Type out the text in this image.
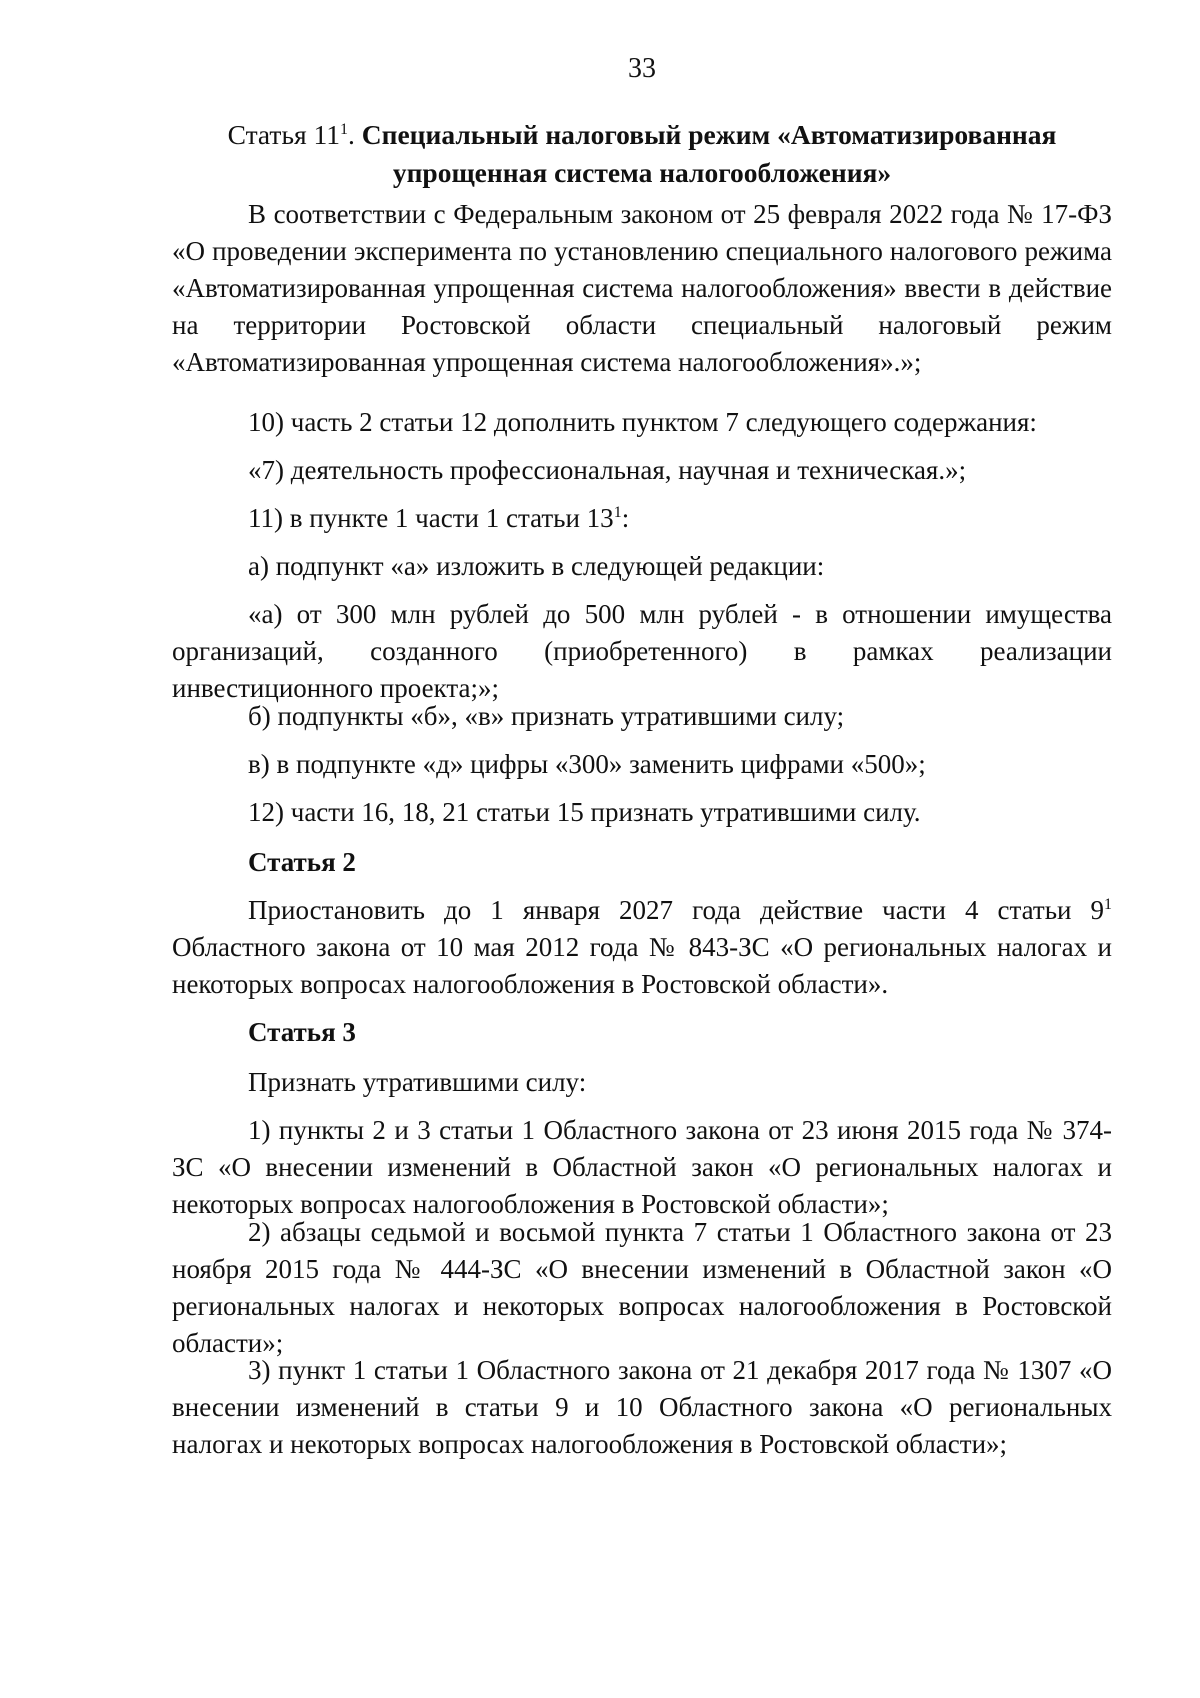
33
Статья $11^1$. Специальный налоговый режим «Автоматизированная
упрощенная система налогообложения»

В соответствии с Федеральным законом от 25 февраля 2022 года № 17-ФЗ «О проведении эксперимента по установлению специального налогового режима «Автоматизированная упрощенная система налогообложения» ввести в действие на территории Ростовской области специальный налоговый режим «Автоматизированная упрощенная система налогообложения».»;

10) часть 2 статьи 12 дополнить пунктом 7 следующего содержания:

«7) деятельность профессиональная, научная и техническая.»;

11) в пункте 1 части 1 статьи $13^1$:

а) подпункт «а» изложить в следующей редакции:

«а) от 300 млн рублей до 500 млн рублей - в отношении имущества организаций, созданного (приобретенного) в рамках реализации инвестиционного проекта;»;

б) подпункты «б», «в» признать утратившими силу;

в) в подпункте «д» цифры «300» заменить цифрами «500»;

12) части 16, 18, 21 статьи 15 признать утратившими силу.

Статья 2

Приостановить до 1 января 2027 года действие части 4 статьи $9^1$ Областного закона от 10 мая 2012 года № 843-ЗС «О региональных налогах и некоторых вопросах налогообложения в Ростовской области».

Статья 3

Признать утратившими силу:

1) пункты 2 и 3 статьи 1 Областного закона от 23 июня 2015 года № 374-ЗС «О внесении изменений в Областной закон «О региональных налогах и некоторых вопросах налогообложения в Ростовской области»;

2) абзацы седьмой и восьмой пункта 7 статьи 1 Областного закона от 23 ноября 2015 года № 444-ЗС «О внесении изменений в Областной закон «О региональных налогах и некоторых вопросах налогообложения в Ростовской области»;

3) пункт 1 статьи 1 Областного закона от 21 декабря 2017 года № 1307 «О внесении изменений в статьи 9 и 10 Областного закона «О региональных налогах и некоторых вопросах налогообложения в Ростовской области»;
